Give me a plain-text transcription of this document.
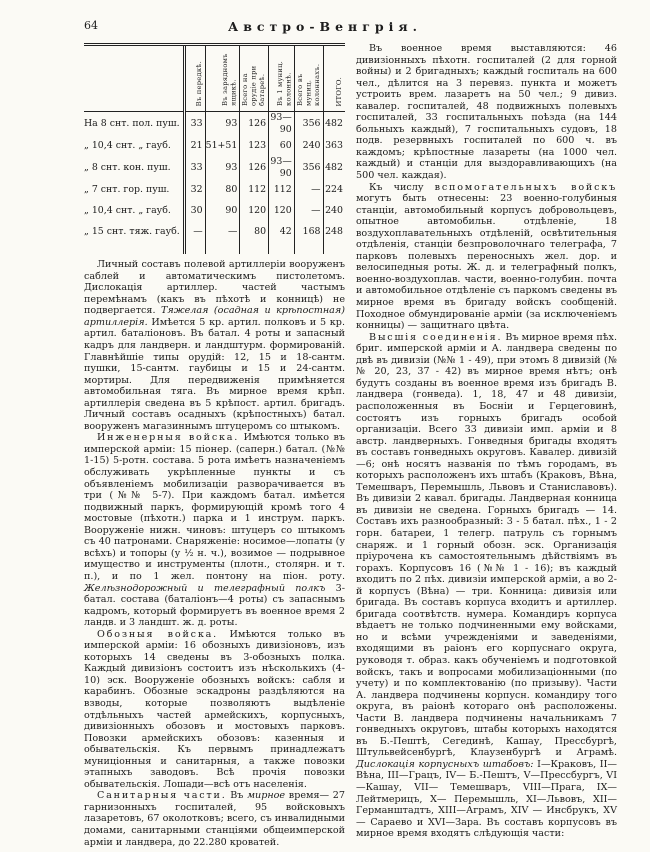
64	Австро-Венгрія.
	Въ передкѣ.	Въ зарядномъ ящикѣ.	Всего на орудіе при батареѣ.	Въ 1 муниц. колоннѣ.	Всего въ муниц. колоннахъ.	ИТОГО.
На 8 снт. пол. пуш.	33	93	126	93—90	356	482
„ 10,4 снт. „ гауб.	21	51+51	123	60	240	363
„ 8 снт. кон. пуш.	33	93	126	93—90	356	482
„ 7 снт. гор. пуш.	32	80	112	112	—	224
„ 10,4 снт. „ гауб.	30	90	120	120	—	240
„ 15 снт. тяж. гауб.	—	—	80	42	168	248

Личный составъ полевой артиллеріи вооруженъ саблей и автоматическимъ пистолетомъ. Дислокація артиллер. частей частымъ перемѣнамъ (какъ въ пѣхотѣ и конницѣ) не подвергается. Тяжелая (осадная и крѣпостная) артиллерія. Имѣется 5 кр. артил. полковъ и 5 кр. артил. баталіоновъ. Въ батал. 4 роты и запасный кадръ для ландверн. и ландштурм. формированій. Главнѣйшіе типы орудій: 12, 15 и 18-сантм. пушки, 15-сантм. гаубицы и 15 и 24-сантм. мортиры. Для передвиженія примѣняется автомобильная тяга. Въ мирное время крѣп. артиллерія сведена въ 5 крѣпост. артил. бригадъ. Личный составъ осадныхъ (крѣпостныхъ) батал. вооруженъ магазиннымъ штуцеромъ со штыкомъ.

Инженерныя войска. Имѣются только въ имперской арміи: 15 піонер. (саперн.) батал. (№№ 1-15) 5-ротн. состава. 5 рота имѣетъ назначеніемъ обслуживать укрѣпленные пункты и съ объявленіемъ мобилизаціи разворачивается въ три (№№ 5-7). При каждомъ батал. имѣется подвижный паркъ, формирующій кромѣ того 4 мостовые (пѣхотн.) парка и 1 инструм. паркъ. Вооруженіе нижн. чиновъ: штуцеръ со штыкомъ съ 40 патронами. Снаряженіе: носимое—лопаты (у всѣхъ) и топоры (у ½ н. ч.), возимое — подрывное имущество и инструменты (плотн., столярн. и т. п.), и по 1 жел. понтону на піон. роту. Желѣзнодорожный и телеграфный полкъ 3-батал. состава (баталіонъ—4 роты) съ запаснымъ кадромъ, который формируетъ въ военное время 2 ландв. и 3 ландшт. ж. д. роты.

Обозныя войска. Имѣются только въ имперской арміи: 16 обозныхъ дивизіоновъ, изъ которыхъ 14 сведены въ 3-обозныхъ полка. Каждый дивизіонъ состоитъ изъ нѣсколькихъ (4-10) эск. Вооруженіе обозныхъ войскъ: сабля и карабинъ. Обозные эскадроны раздѣляются на взводы, которые позволяютъ выдѣленіе отдѣльныхъ частей армейскихъ, корпусныхъ, дивизіонныхъ обозовъ и мостовыхъ парковъ. Повозки армейскихъ обозовъ: казенныя и обывательскія. Къ первымъ принадлежатъ муниціонныя и санитарныя, а также повозки этапныхъ заводовъ. Всѣ прочія повозки обывательскія. Лошади—всѣ отъ населенія.

Санитарныя части. Въ мирное время— 27 гарнизонныхъ госпиталей, 95 войсковыхъ лазаретовъ, 67 околотковъ; всего, съ инвалидными домами, санитарными станціями общеимперской арміи и ландвера, до 22.280 кроватей.

Въ военное время выставляются: 46 дивизіонныхъ пѣхотн. госпиталей (2 для горной войны) и 2 бригадныхъ; каждый госпиталь на 600 чел., дѣлится на 3 перевяз. пункта и можетъ устроить врем. лазаретъ на 50 чел.; 9 дивиз. кавалер. госпиталей, 48 подвижныхъ полевыхъ госпиталей, 33 госпитальныхъ поѣзда (на 144 больныхъ каждый), 7 госпитальныхъ судовъ, 18 подв. резервныхъ госпиталей по 600 ч. въ каждомъ; крѣпостные лазареты (на 1000 чел. каждый) и станціи для выздоравливающихъ (на 500 чел. каждая).

Къ числу вспомогательныхъ войскъ могутъ быть отнесены: 23 военно-голубиныя станціи, автомобильный корпусъ добровольцевъ, опытное автомобильн. отдѣленіе, 18 воздухоплавательныхъ отдѣленій, освѣтительныя отдѣленія, станціи безпроволочнаго телеграфа, 7 парковъ полевыхъ переносныхъ жел. дор. и велосипедныя роты. Ж. д. и телеграфный полкъ, военно-воздухоплав. части, военно-голубин. почта и автомобильное отдѣленіе съ паркомъ сведены въ мирное время въ бригаду войскъ сообщеній. Походное обмундированіе арміи (за исключеніемъ конницы) — защитнаго цвѣта.

Высшія соединенія. Въ мирное время пѣх. бриг. имперской арміи и А. ландвера сведены по двѣ въ дивизіи (№№ 1 - 49), при этомъ 8 дивизій (№№ 20, 23, 37 - 42) въ мирное время нѣтъ; онѣ будутъ созданы въ военное время изъ бригадъ В. ландвера (гонведа). 1, 18, 47 и 48 дивизіи, расположенныя въ Босніи и Герцеговинѣ, состоятъ изъ горныхъ бригадъ особой организаціи. Всего 33 дивизіи имп. арміи и 8 австр. ландверныхъ. Гонведныя бригады входятъ въ составъ гонведныхъ округовъ. Кавалер. дивизій—6; онѣ носятъ названія по тѣмъ городамъ, въ которыхъ расположенъ ихъ штабъ (Краковъ, Вѣна, Темешваръ, Перемышль, Львовъ и Станиславовъ). Въ дивизіи 2 кавал. бригады. Ландверная конница въ дивизіи не сведена. Горныхъ бригадъ — 14. Составъ ихъ разнообразный: 3 - 5 батал. пѣх., 1 - 2 горн. батареи, 1 телегр. патруль съ горнымъ снаряж. и 1 горный обозн. эск. Организація пріурочена къ самостоятельнымъ дѣйствіямъ въ горахъ. Корпусовъ 16 (№№ 1 - 16); въ каждый входитъ по 2 пѣх. дивизіи имперской арміи, а во 2-й корпусъ (Вѣна) — три. Конница: дивизія или бригада. Въ составъ корпуса входитъ и артиллер. бригада соотвѣтств. нумера. Командиръ корпуса вѣдаетъ не только подчиненными ему войсками, но и всѣми учрежденіями и заведеніями, входящими въ раіонъ его корпуснаго округа, руководя т. образ. какъ обученіемъ и подготовкой войскъ, такъ и вопросами мобилизаціонными (по учету) и по комплектованію (по призыву). Части А. ландвера подчинены корпусн. командиру того округа, въ раіонѣ котораго онѣ расположены. Части В. ландвера подчинены начальникамъ 7 гонведныхъ округовъ, штабы которыхъ находятся въ Б.-Пештѣ, Сегединѣ, Кашау, Прессбургѣ, Штульвейсенбургѣ, Клаузенбургѣ и Аграмѣ. Дислокація корпусныхъ штабовъ: I—Краковъ, II— Вѣна, III—Грацъ, IV— Б.-Пештъ, V—Прессбургъ, VI—Кашау, VII— Темешваръ, VIII—Прага, IX—Лейтмерицъ, X— Перемышль, XI—Львовъ, XII—Германштадтъ, XIII—Аграмъ, XIV — Инсбрукъ, XV— Сараево и XVI—Зара. Въ составъ корпусовъ въ мирное время входятъ слѣдующія части:
